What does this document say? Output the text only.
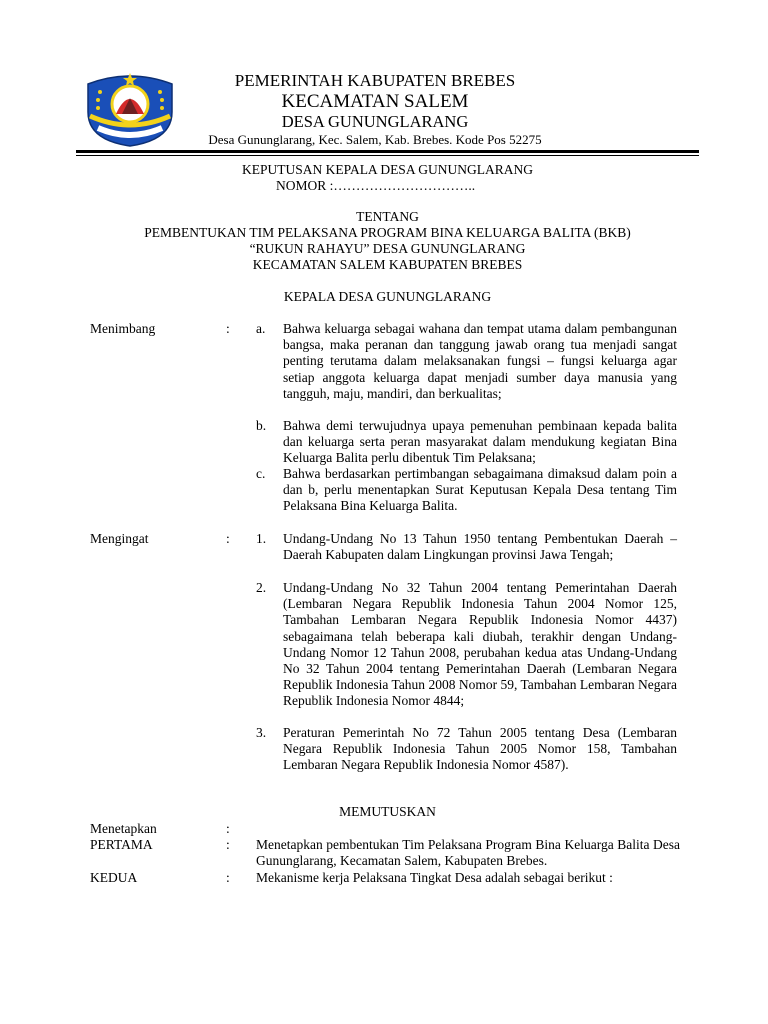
PEMERINTAH KABUPATEN BREBES
KECAMATAN SALEM
DESA GUNUNGLARANG
Desa Gununglarang, Kec. Salem, Kab. Brebes. Kode Pos 52275
KEPUTUSAN KEPALA DESA GUNUNGLARANG
NOMOR :…………………………..
TENTANG
PEMBENTUKAN TIM PELAKSANA PROGRAM BINA KELUARGA BALITA (BKB)
“RUKUN RAHAYU” DESA GUNUNGLARANG
KECAMATAN SALEM KABUPATEN BREBES
KEPALA DESA GUNUNGLARANG
Menimbang	: a. Bahwa keluarga sebagai wahana dan tempat utama dalam pembangunan bangsa, maka peranan dan tanggung jawab orang tua menjadi sangat penting terutama dalam melaksanakan fungsi – fungsi keluarga agar setiap anggota keluarga dapat menjadi sumber daya manusia yang tangguh, maju, mandiri, dan berkualitas;
b. Bahwa demi terwujudnya upaya pemenuhan pembinaan kepada balita dan keluarga serta peran masyarakat dalam mendukung kegiatan Bina Keluarga Balita perlu dibentuk Tim Pelaksana;
c. Bahwa berdasarkan pertimbangan sebagaimana dimaksud dalam poin a dan b, perlu menentapkan Surat Keputusan Kepala Desa tentang Tim Pelaksana Bina Keluarga Balita.
Mengingat	: 1. Undang-Undang No 13 Tahun 1950 tentang Pembentukan Daerah –Daerah Kabupaten dalam Lingkungan provinsi Jawa Tengah;
2. Undang-Undang No 32 Tahun 2004 tentang Pemerintahan Daerah (Lembaran Negara Republik Indonesia Tahun 2004 Nomor 125, Tambahan Lembaran Negara Republik Indonesia Nomor 4437) sebagaimana telah beberapa kali diubah, terakhir dengan Undang-Undang Nomor 12 Tahun 2008, perubahan kedua atas Undang-Undang No 32 Tahun 2004 tentang Pemerintahan Daerah (Lembaran Negara Republik Indonesia Tahun 2008 Nomor 59, Tambahan Lembaran Negara Republik Indonesia Nomor 4844;
3. Peraturan Pemerintah No 72 Tahun 2005 tentang Desa (Lembaran Negara Republik Indonesia Tahun 2005 Nomor 158, Tambahan Lembaran Negara Republik Indonesia Nomor 4587).
MEMUTUSKAN
Menetapkan	:
PERTAMA	: Menetapkan pembentukan Tim Pelaksana Program Bina Keluarga Balita Desa Gununglarang, Kecamatan Salem, Kabupaten Brebes.
KEDUA	: Mekanisme kerja Pelaksana Tingkat Desa adalah sebagai berikut :
